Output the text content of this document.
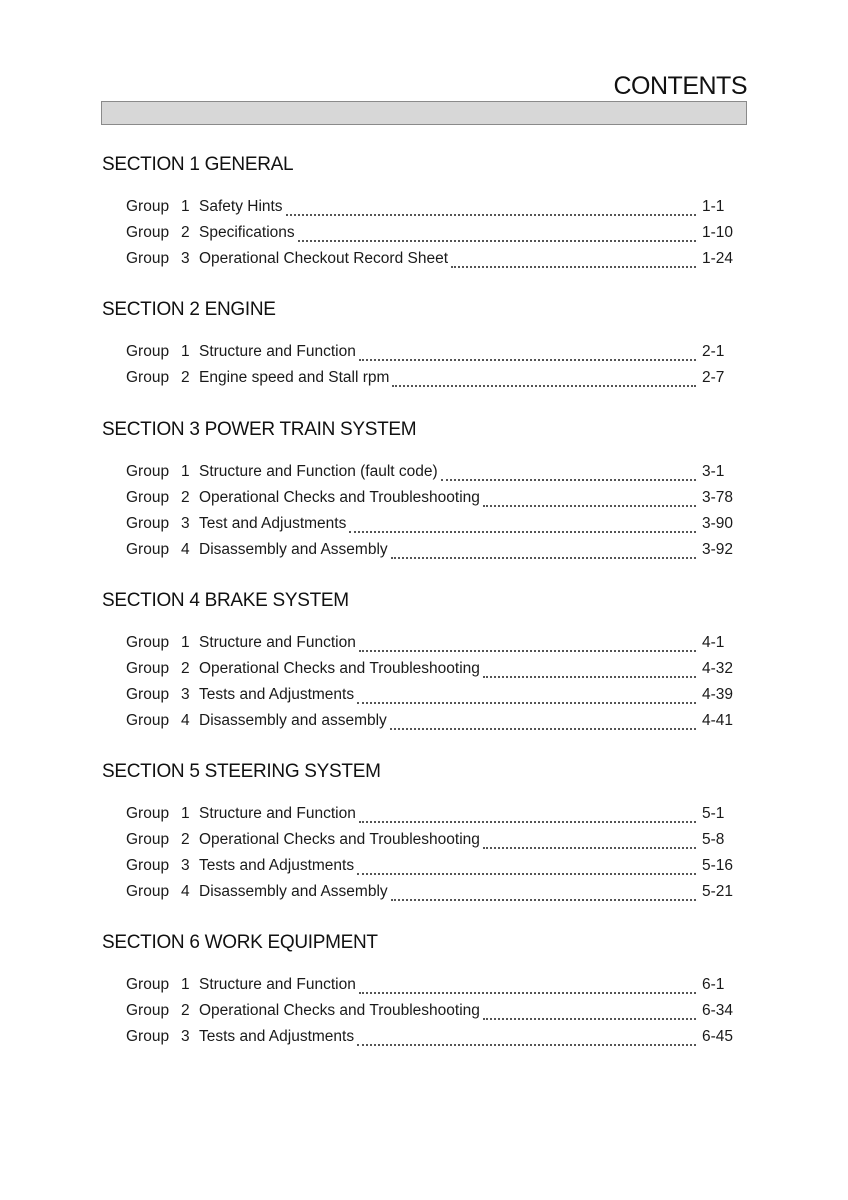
CONTENTS
SECTION 1 GENERAL
Group 1 Safety Hints	1-1
Group 2 Specifications	1-10
Group 3 Operational Checkout Record Sheet	1-24
SECTION 2 ENGINE
Group 1 Structure and Function	2-1
Group 2 Engine speed and Stall rpm	2-7
SECTION 3 POWER TRAIN SYSTEM
Group 1 Structure and Function (fault code)	3-1
Group 2 Operational Checks and Troubleshooting	3-78
Group 3 Test and Adjustments	3-90
Group 4 Disassembly and Assembly	3-92
SECTION 4 BRAKE SYSTEM
Group 1 Structure and Function	4-1
Group 2 Operational Checks and Troubleshooting	4-32
Group 3 Tests and Adjustments	4-39
Group 4 Disassembly and assembly	4-41
SECTION 5 STEERING SYSTEM
Group 1 Structure and Function	5-1
Group 2 Operational Checks and Troubleshooting	5-8
Group 3 Tests and Adjustments	5-16
Group 4 Disassembly and Assembly	5-21
SECTION 6 WORK EQUIPMENT
Group 1 Structure and Function	6-1
Group 2 Operational Checks and Troubleshooting	6-34
Group 3 Tests and Adjustments	6-45
